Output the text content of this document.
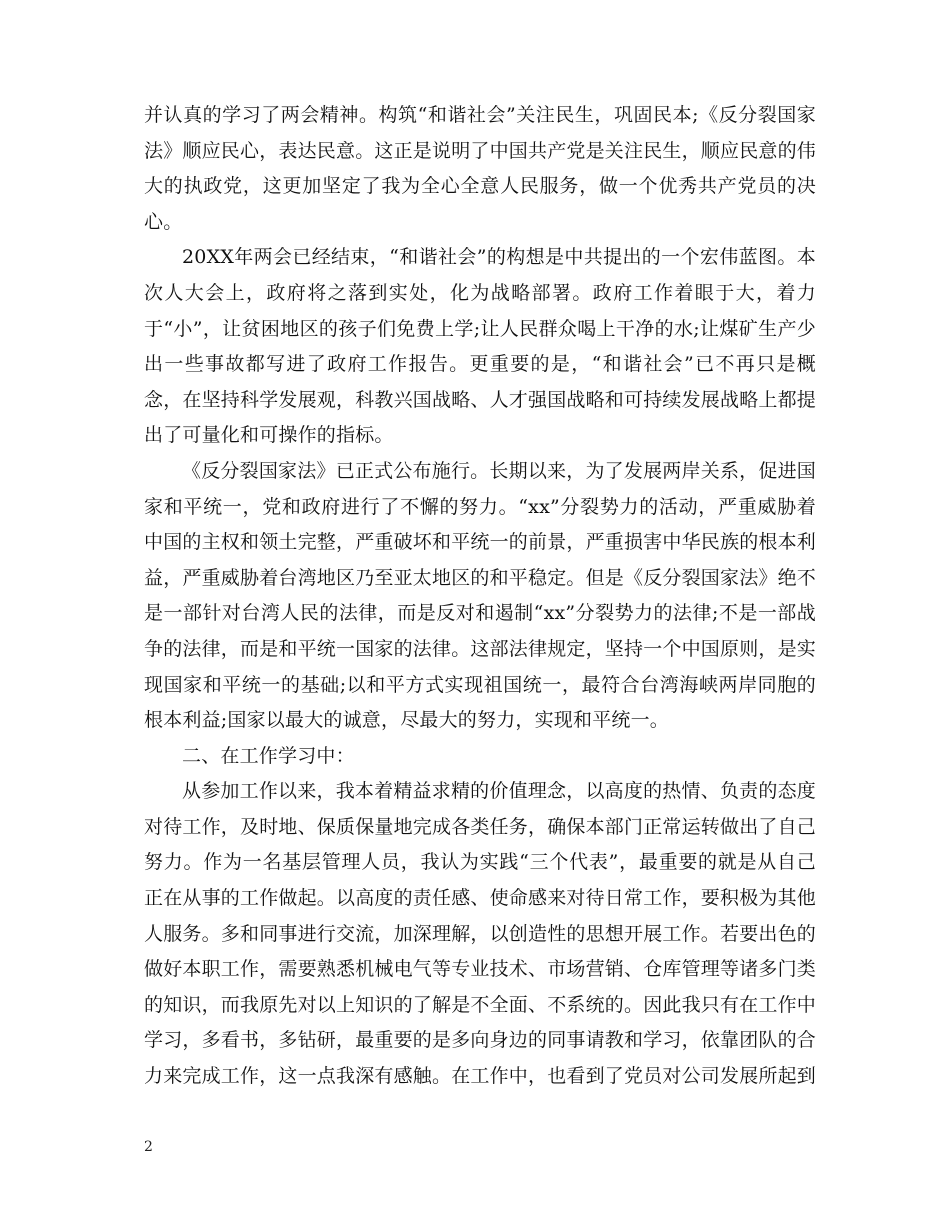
并认真的学习了两会精神。构筑“和谐社会”关注民生，巩固民本;《反分裂国家法》顺应民心，表达民意。这正是说明了中国共产党是关注民生，顺应民意的伟大的执政党，这更加坚定了我为全心全意人民服务，做一个优秀共产党员的决心。

20XX年两会已经结束，“和谐社会”的构想是中共提出的一个宏伟蓝图。本次人大会上，政府将之落到实处，化为战略部署。政府工作着眼于大，着力于“小”，让贫困地区的孩子们免费上学;让人民群众喝上干净的水;让煤矿生产少出一些事故都写进了政府工作报告。更重要的是，“和谐社会”已不再只是概念，在坚持科学发展观，科教兴国战略、人才强国战略和可持续发展战略上都提出了可量化和可操作的指标。

《反分裂国家法》已正式公布施行。长期以来，为了发展两岸关系，促进国家和平统一，党和政府进行了不懈的努力。“xx”分裂势力的活动，严重威胁着中国的主权和领土完整，严重破坏和平统一的前景，严重损害中华民族的根本利益，严重威胁着台湾地区乃至亚太地区的和平稳定。但是《反分裂国家法》绝不是一部针对台湾人民的法律，而是反对和遏制“xx”分裂势力的法律;不是一部战争的法律，而是和平统一国家的法律。这部法律规定，坚持一个中国原则，是实现国家和平统一的基础;以和平方式实现祖国统一，最符合台湾海峡两岸同胞的根本利益;国家以最大的诚意，尽最大的努力，实现和平统一。

二、在工作学习中：

从参加工作以来，我本着精益求精的价值理念，以高度的热情、负责的态度对待工作，及时地、保质保量地完成各类任务，确保本部门正常运转做出了自己努力。作为一名基层管理人员，我认为实践“三个代表”，最重要的就是从自己正在从事的工作做起。以高度的责任感、使命感来对待日常工作，要积极为其他人服务。多和同事进行交流，加深理解，以创造性的思想开展工作。若要出色的做好本职工作，需要熟悉机械电气等专业技术、市场营销、仓库管理等诸多门类的知识，而我原先对以上知识的了解是不全面、不系统的。因此我只有在工作中学习，多看书，多钻研，最重要的是多向身边的同事请教和学习，依靠团队的合力来完成工作，这一点我深有感触。在工作中，也看到了党员对公司发展所起到

2
